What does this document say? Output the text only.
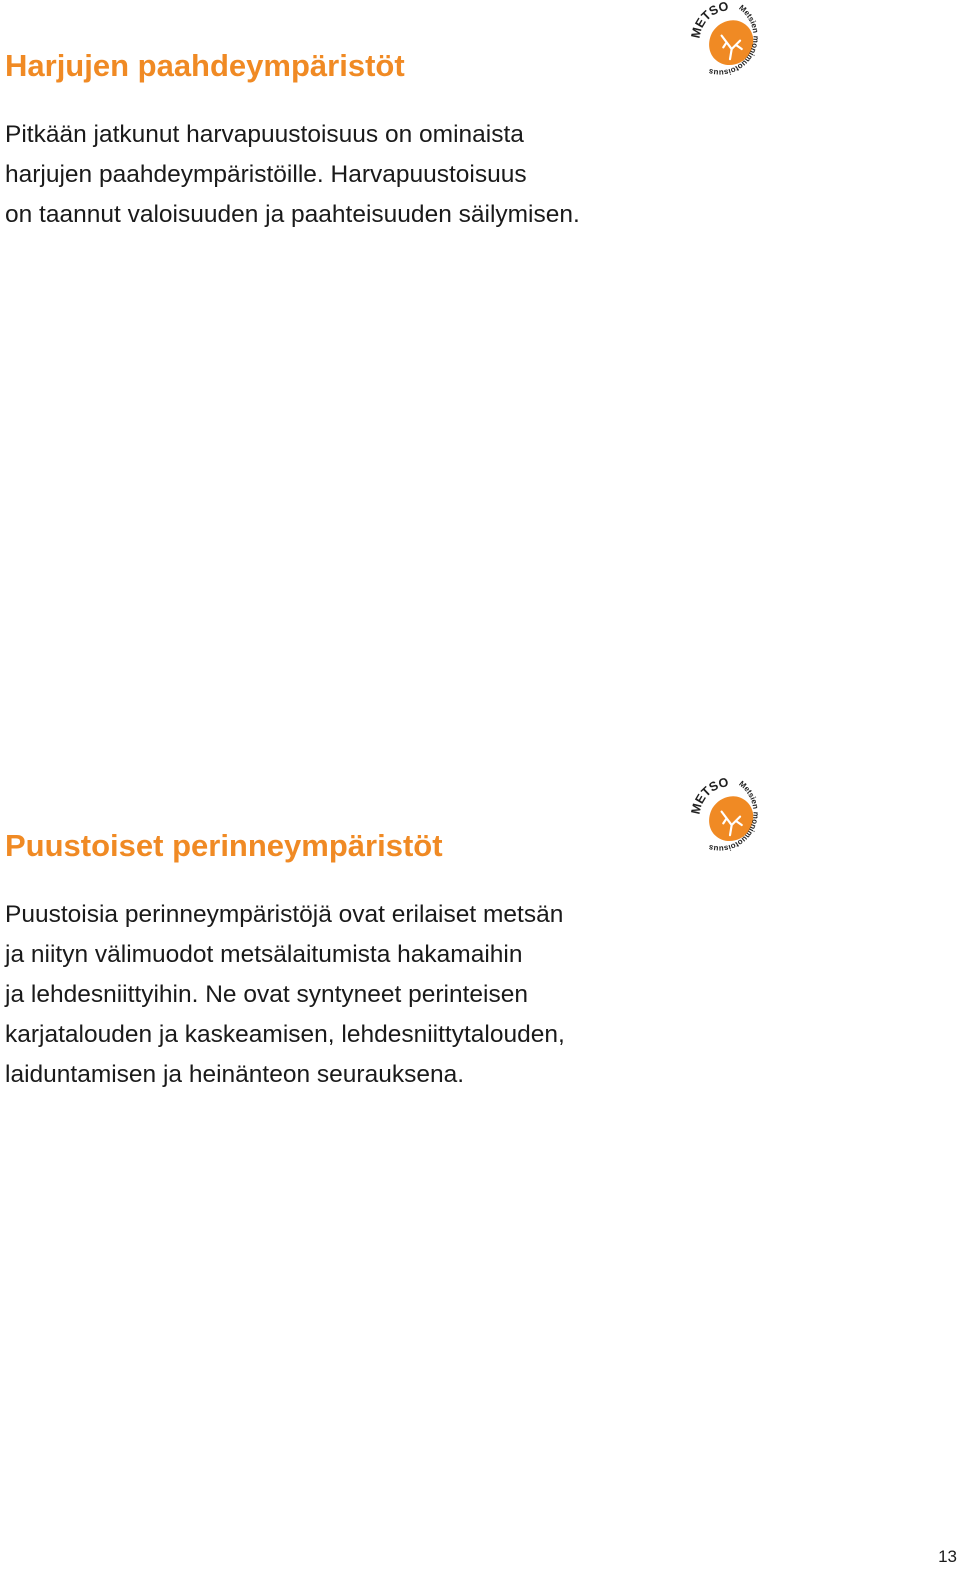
Harjujen paahdeympäristöt

Pitkään jatkunut harvapuustoisuus on ominaista
harjujen paahdeympäristöille. Harvapuustoisuus
on taannut valoisuuden ja paahteisuuden säilymisen.

METSO Metsien monimuotoisuus
Puustoiset perinneympäristöt

Puustoisia perinneympäristöjä ovat erilaiset metsän
ja niityn välimuodot metsälaitumista hakamaihin
ja lehdesniittyihin. Ne ovat syntyneet perinteisen
karjatalouden ja kaskeamisen, lehdesniittytalouden,
laiduntamisen ja heinänteon seurauksena.

METSO Metsien monimuotoisuus
13
